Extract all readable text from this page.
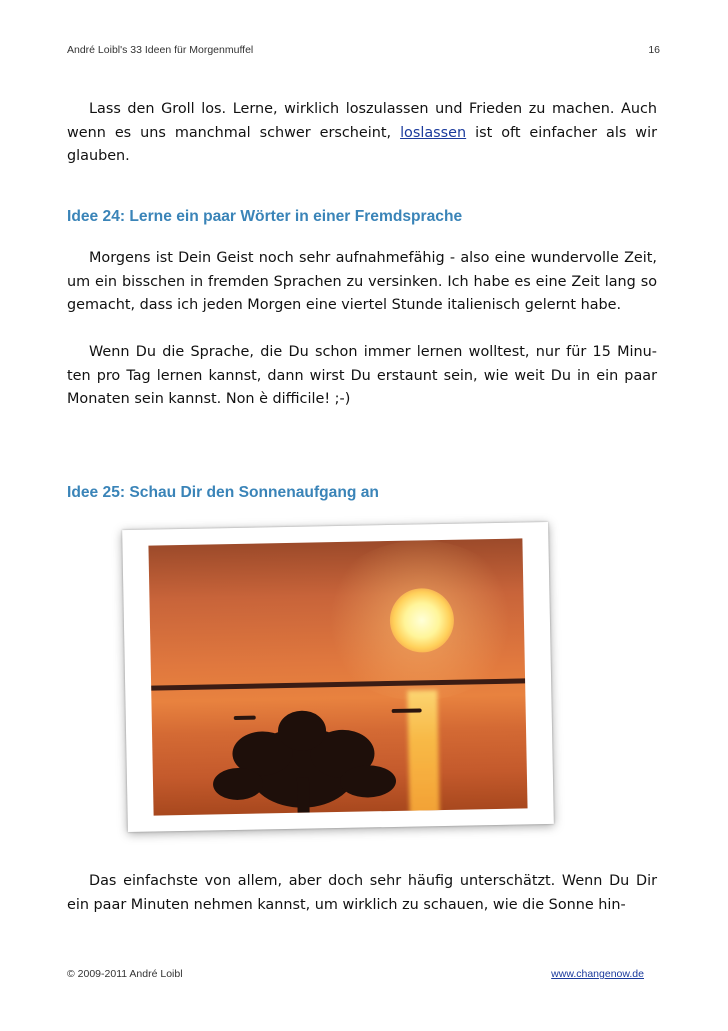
André Loibl's 33 Ideen für Morgenmuffel	16

Lass den Groll los. Lerne, wirklich loszulassen und Frieden zu machen. Auch wenn es uns manchmal schwer erscheint, loslassen ist oft einfacher als wir glauben.

Idee 24: Lerne ein paar Wörter in einer Fremdsprache

Morgens ist Dein Geist noch sehr aufnahmefähig - also eine wundervolle Zeit, um ein bisschen in fremden Sprachen zu versinken. Ich habe es eine Zeit lang so gemacht, dass ich jeden Morgen eine viertel Stunde italienisch gelernt habe.

Wenn Du die Sprache, die Du schon immer lernen wolltest, nur für 15 Minu-ten pro Tag lernen kannst, dann wirst Du erstaunt sein, wie weit Du in ein paar Monaten sein kannst. Non è difficile! ;-)

Idee 25: Schau Dir den Sonnenaufgang an

Das einfachste von allem, aber doch sehr häufig unterschätzt. Wenn Du Dir ein paar Minuten nehmen kannst, um wirklich zu schauen, wie die Sonne hin-

© 2009-2011 André Loibl	www.changenow.de
